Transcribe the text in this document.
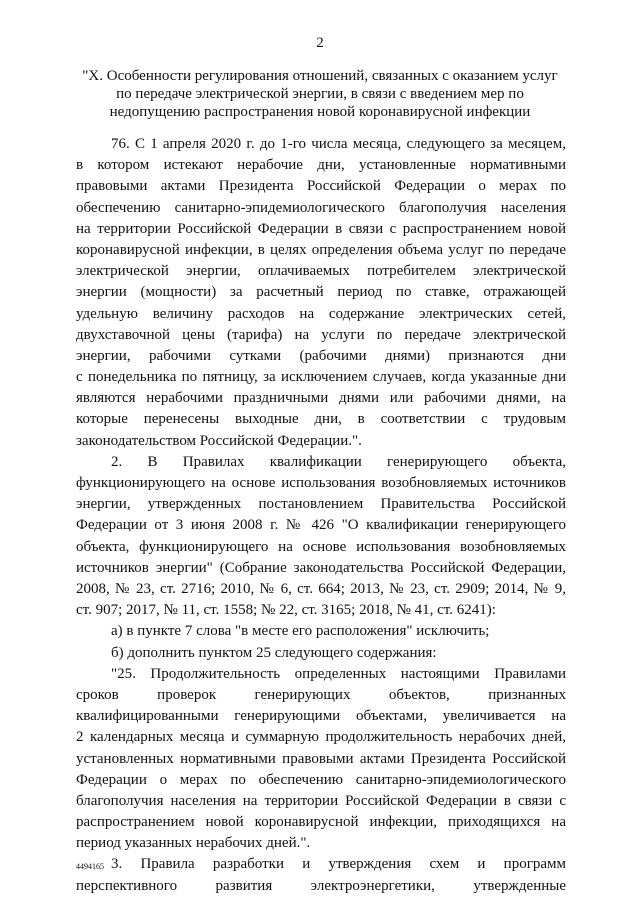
2
"X. Особенности регулирования отношений, связанных с оказанием услуг
по передаче электрической энергии, в связи с введением мер по
недопущению распространения новой коронавирусной инфекции
76. С 1 апреля 2020 г. до 1-го числа месяца, следующего за месяцем,
в котором истекают нерабочие дни, установленные нормативными
правовыми актами Президента Российской Федерации о мерах по
обеспечению санитарно-эпидемиологического благополучия населения
на территории Российской Федерации в связи с распространением новой
коронавирусной инфекции, в целях определения объема услуг по передаче
электрической энергии, оплачиваемых потребителем электрической
энергии (мощности) за расчетный период по ставке, отражающей
удельную величину расходов на содержание электрических сетей,
двухставочной цены (тарифа) на услуги по передаче электрической
энергии, рабочими сутками (рабочими днями) признаются дни
с понедельника по пятницу, за исключением случаев, когда указанные дни
являются нерабочими праздничными днями или рабочими днями, на
которые перенесены выходные дни, в соответствии с трудовым
законодательством Российской Федерации.".
2. В Правилах квалификации генерирующего объекта,
функционирующего на основе использования возобновляемых источников
энергии, утвержденных постановлением Правительства Российской
Федерации от 3 июня 2008 г. № 426 "О квалификации генерирующего
объекта, функционирующего на основе использования возобновляемых
источников энергии" (Собрание законодательства Российской Федерации,
2008, № 23, ст. 2716; 2010, № 6, ст. 664; 2013, № 23, ст. 2909; 2014, № 9,
ст. 907; 2017, № 11, ст. 1558; № 22, ст. 3165; 2018, № 41, ст. 6241):
а) в пункте 7 слова "в месте его расположения" исключить;
б) дополнить пунктом 25 следующего содержания:
"25. Продолжительность определенных настоящими Правилами
сроков проверок генерирующих объектов, признанных
квалифицированными генерирующими объектами, увеличивается на
2 календарных месяца и суммарную продолжительность нерабочих дней,
установленных нормативными правовыми актами Президента Российской
Федерации о мерах по обеспечению санитарно-эпидемиологического
благополучия населения на территории Российской Федерации в связи с
распространением новой коронавирусной инфекции, приходящихся на
период указанных нерабочих дней.".
3. Правила разработки и утверждения схем и программ
перспективного развития электроэнергетики, утвержденные
4494165
